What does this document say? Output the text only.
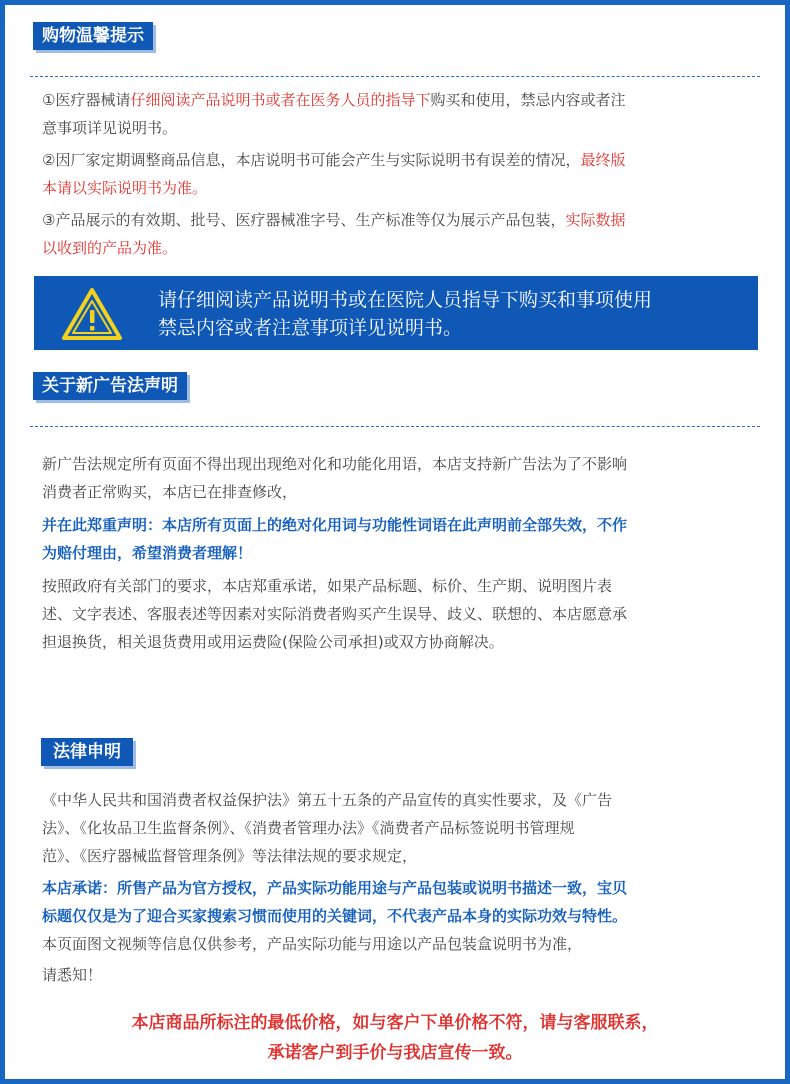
购物温馨提示
①医疗器械请仔细阅读产品说明书或者在医务人员的指导下购买和使用，禁忌内容或者注
意事项详见说明书。
②因厂家定期调整商品信息，本店说明书可能会产生与实际说明书有误差的情况，最终版
本请以实际说明书为准。
③产品展示的有效期、批号、医疗器械准字号、生产标准等仅为展示产品包装，实际数据
以收到的产品为准。
请仔细阅读产品说明书或在医院人员指导下购买和事项使用
禁忌内容或者注意事项详见说明书。
关于新广告法声明
新广告法规定所有页面不得出现出现绝对化和功能化用语，本店支持新广告法为了不影响
消费者正常购买，本店已在排查修改，
并在此郑重声明：本店所有页面上的绝对化用词与功能性词语在此声明前全部失效，不作
为赔付理由，希望消费者理解！
按照政府有关部门的要求，本店郑重承诺，如果产品标题、标价、生产期、说明图片表
述、文字表述、客服表述等因素对实际消费者购买产生误导、歧义、联想的、本店愿意承
担退换货，相关退货费用或用运费险(保险公司承担)或双方协商解决。
法律申明
《中华人民共和国消费者权益保护法》第五十五条的产品宣传的真实性要求，及《广告
法》、《化妆品卫生监督条例》、《消费者管理办法》《淌费者产品标签说明书管理规
范》、《医疗器械监督管理条例》等法律法规的要求规定，
本店承诺：所售产品为官方授权，产品实际功能用途与产品包装或说明书描述一致，宝贝
标题仅仅是为了迎合买家搜索习惯而使用的关键词，不代表产品本身的实际功效与特性。
本页面图文视频等信息仅供参考，产品实际功能与用途以产品包装盒说明书为准，
请悉知！
本店商品所标注的最低价格，如与客户下单价格不符，请与客服联系，
承诺客户到手价与我店宣传一致。
